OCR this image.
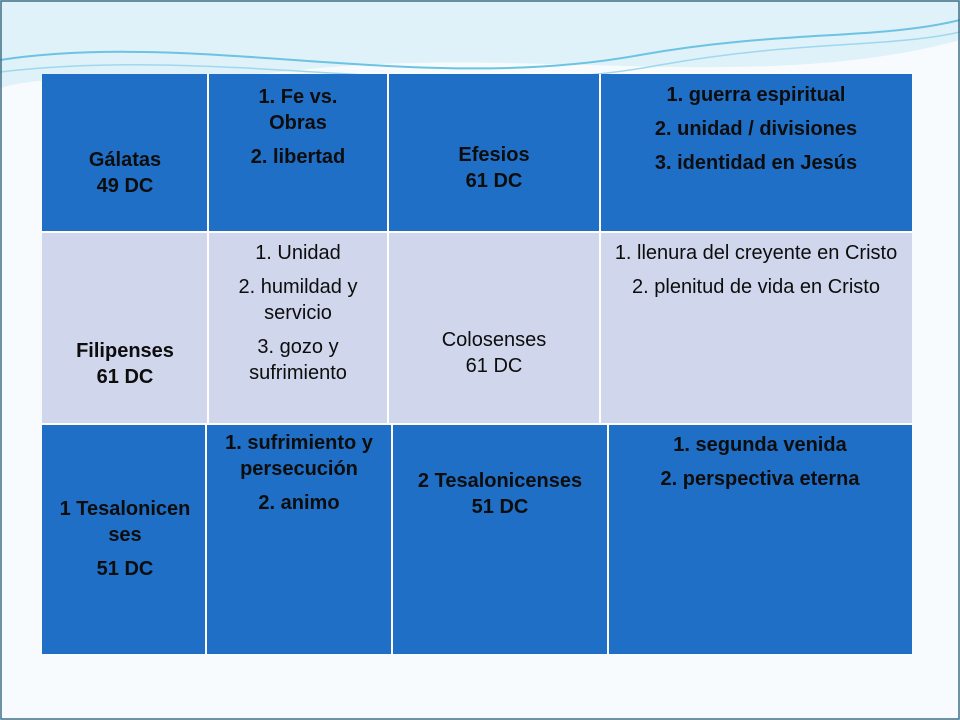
Gálatas
49 DC
1. Fe vs. Obras
2. libertad	Efesios
61 DC
1. guerra espiritual
2. unidad / divisiones
3. identidad en Jesús
Filipenses
61 DC
1. Unidad
2. humildad y servicio
3. gozo y sufrimiento
Colosenses
61 DC
1. llenura del creyente en Cristo
2. plenitud de vida en Cristo
1 Tesalonicen ses
51 DC
1. sufrimiento y persecución
2. animo
2 Tesalonicenses
51 DC
1. segunda venida
2. perspectiva eterna
